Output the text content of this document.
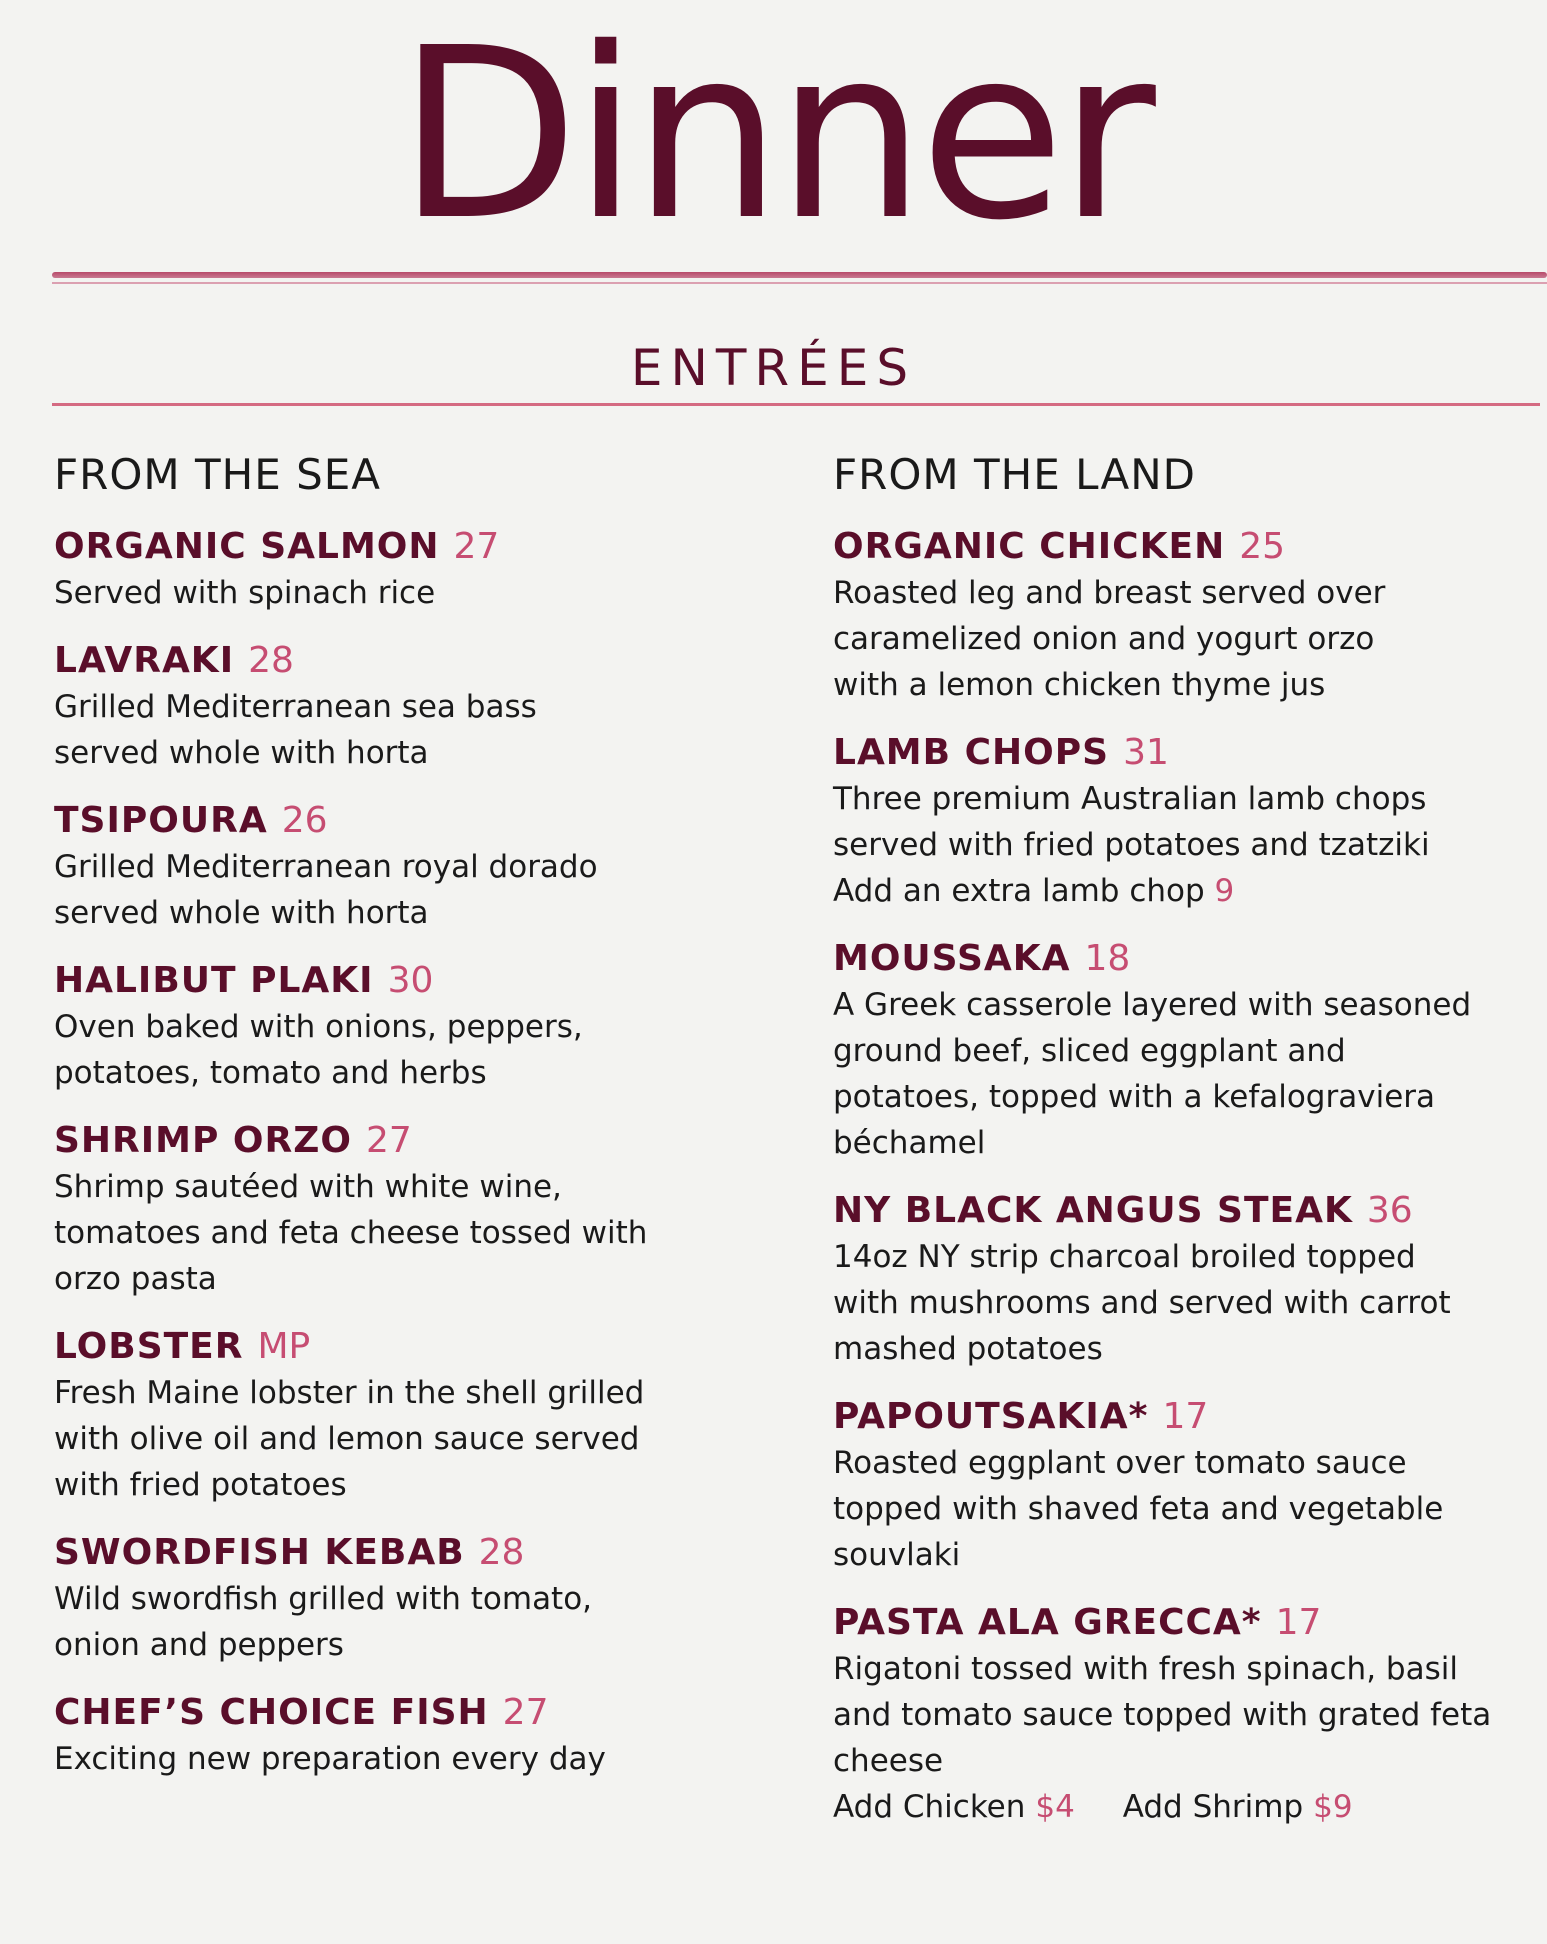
Dinner
ENTRÉES
FROM THE SEA
ORGANIC SALMON 27
Served with spinach rice
LAVRAKI 28
Grilled Mediterranean sea bass served whole with horta
TSIPOURA 26
Grilled Mediterranean royal dorado served whole with horta
HALIBUT PLAKI 30
Oven baked with onions, peppers, potatoes, tomato and herbs
SHRIMP ORZO 27
Shrimp sautéed with white wine, tomatoes and feta cheese tossed with orzo pasta
LOBSTER MP
Fresh Maine lobster in the shell grilled with olive oil and lemon sauce served with fried potatoes
SWORDFISH KEBAB 28
Wild swordfish grilled with tomato, onion and peppers
CHEF’S CHOICE FISH 27
Exciting new preparation every day
FROM THE LAND
ORGANIC CHICKEN 25
Roasted leg and breast served over caramelized onion and yogurt orzo with a lemon chicken thyme jus
LAMB CHOPS 31
Three premium Australian lamb chops served with fried potatoes and tzatziki
Add an extra lamb chop 9
MOUSSAKA 18
A Greek casserole layered with seasoned ground beef, sliced eggplant and potatoes, topped with a kefalograviera béchamel
NY BLACK ANGUS STEAK 36
14oz NY strip charcoal broiled topped with mushrooms and served with carrot mashed potatoes
PAPOUTSAKIA* 17
Roasted eggplant over tomato sauce topped with shaved feta and vegetable souvlaki
PASTA ALA GRECCA* 17
Rigatoni tossed with fresh spinach, basil and tomato sauce topped with grated feta cheese
Add Chicken $4 Add Shrimp $9
